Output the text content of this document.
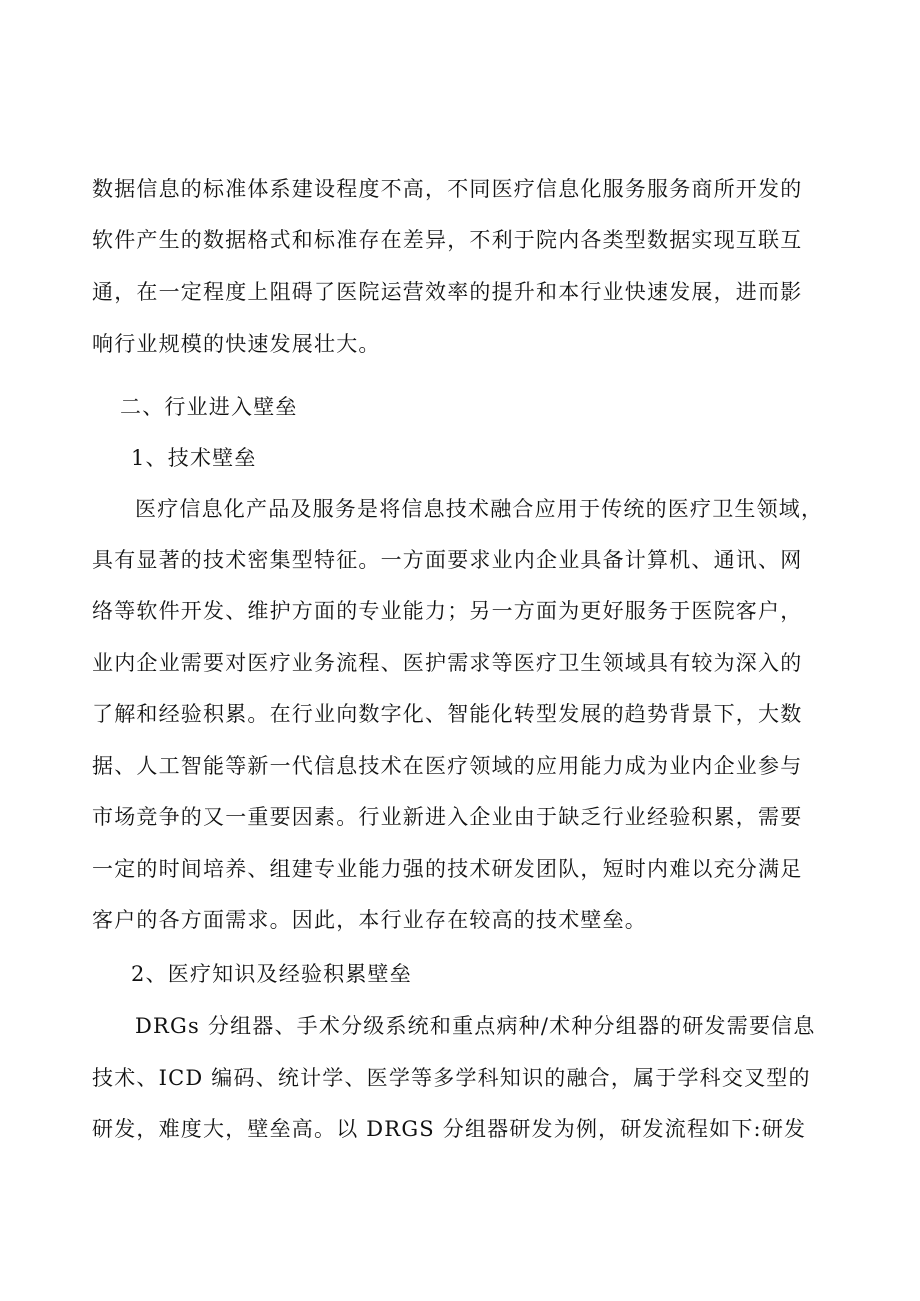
数据信息的标准体系建设程度不高，不同医疗信息化服务服务商所开发的
软件产生的数据格式和标准存在差异，不利于院内各类型数据实现互联互
通，在一定程度上阻碍了医院运营效率的提升和本行业快速发展，进而影
响行业规模的快速发展壮大。
二、行业进入壁垒
1、技术壁垒
医疗信息化产品及服务是将信息技术融合应用于传统的医疗卫生领域，
具有显著的技术密集型特征。一方面要求业内企业具备计算机、通讯、网
络等软件开发、维护方面的专业能力；另一方面为更好服务于医院客户，
业内企业需要对医疗业务流程、医护需求等医疗卫生领域具有较为深入的
了解和经验积累。在行业向数字化、智能化转型发展的趋势背景下，大数
据、人工智能等新一代信息技术在医疗领域的应用能力成为业内企业参与
市场竞争的又一重要因素。行业新进入企业由于缺乏行业经验积累，需要
一定的时间培养、组建专业能力强的技术研发团队，短时内难以充分满足
客户的各方面需求。因此，本行业存在较高的技术壁垒。
2、医疗知识及经验积累壁垒
DRGs 分组器、手术分级系统和重点病种/术种分组器的研发需要信息
技术、ICD 编码、统计学、医学等多学科知识的融合，属于学科交叉型的
研发，难度大，壁垒高。以 DRGS 分组器研发为例，研发流程如下:研发
